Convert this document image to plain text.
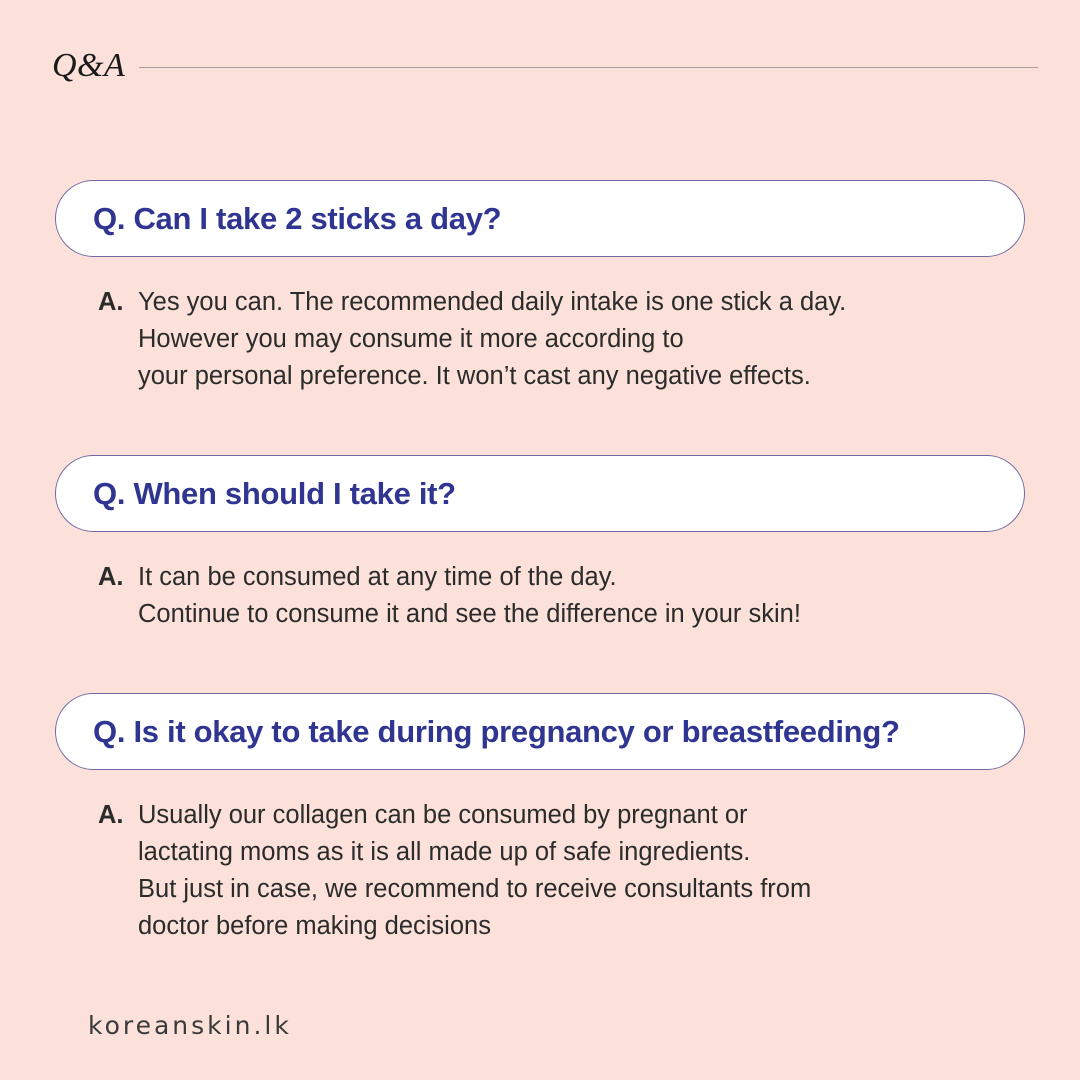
Q&A
Q. Can I take 2 sticks a day?
A. Yes you can. The recommended daily intake is one stick a day.
However you may consume it more according to
your personal preference. It won’t cast any negative effects.
Q. When should I take it?
A. It can be consumed at any time of the day.
Continue to consume it and see the difference in your skin!
Q. Is it okay to take during pregnancy or breastfeeding?
A. Usually our collagen can be consumed by pregnant or
lactating moms as it is all made up of safe ingredients.
But just in case, we recommend to receive consultants from
doctor before making decisions
koreanskin.lk
